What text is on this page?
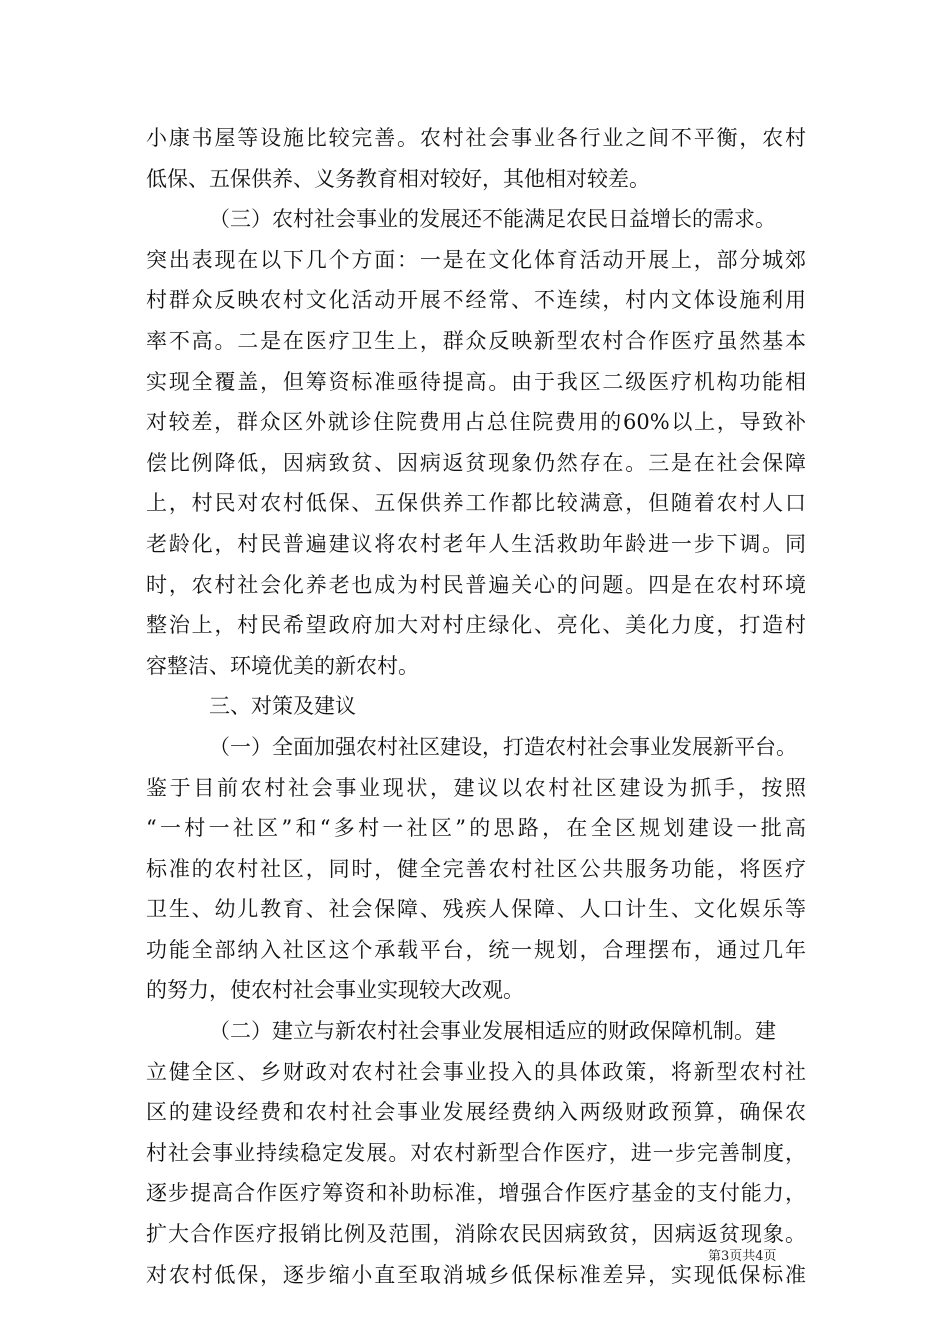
小康书屋等设施比较完善。农村社会事业各行业之间不平衡，农村
低保、五保供养、义务教育相对较好，其他相对较差。
（三）农村社会事业的发展还不能满足农民日益增长的需求。
突出表现在以下几个方面：一是在文化体育活动开展上，部分城郊
村群众反映农村文化活动开展不经常、不连续，村内文体设施利用
率不高。二是在医疗卫生上，群众反映新型农村合作医疗虽然基本
实现全覆盖，但筹资标准亟待提高。由于我区二级医疗机构功能相
对较差，群众区外就诊住院费用占总住院费用的60%以上，导致补
偿比例降低，因病致贫、因病返贫现象仍然存在。三是在社会保障
上，村民对农村低保、五保供养工作都比较满意，但随着农村人口
老龄化，村民普遍建议将农村老年人生活救助年龄进一步下调。同
时，农村社会化养老也成为村民普遍关心的问题。四是在农村环境
整治上，村民希望政府加大对村庄绿化、亮化、美化力度，打造村
容整洁、环境优美的新农村。
三、对策及建议
（一）全面加强农村社区建设，打造农村社会事业发展新平台。
鉴于目前农村社会事业现状，建议以农村社区建设为抓手，按照
“一村一社区”和“多村一社区”的思路，在全区规划建设一批高
标准的农村社区，同时，健全完善农村社区公共服务功能，将医疗
卫生、幼儿教育、社会保障、残疾人保障、人口计生、文化娱乐等
功能全部纳入社区这个承载平台，统一规划，合理摆布，通过几年
的努力，使农村社会事业实现较大改观。
（二）建立与新农村社会事业发展相适应的财政保障机制。建
立健全区、乡财政对农村社会事业投入的具体政策，将新型农村社
区的建设经费和农村社会事业发展经费纳入两级财政预算，确保农
村社会事业持续稳定发展。对农村新型合作医疗，进一步完善制度，
逐步提高合作医疗筹资和补助标准，增强合作医疗基金的支付能力，
扩大合作医疗报销比例及范围，消除农民因病致贫，因病返贫现象。
对农村低保，逐步缩小直至取消城乡低保标准差异，实现低保标准
第3页共4页
